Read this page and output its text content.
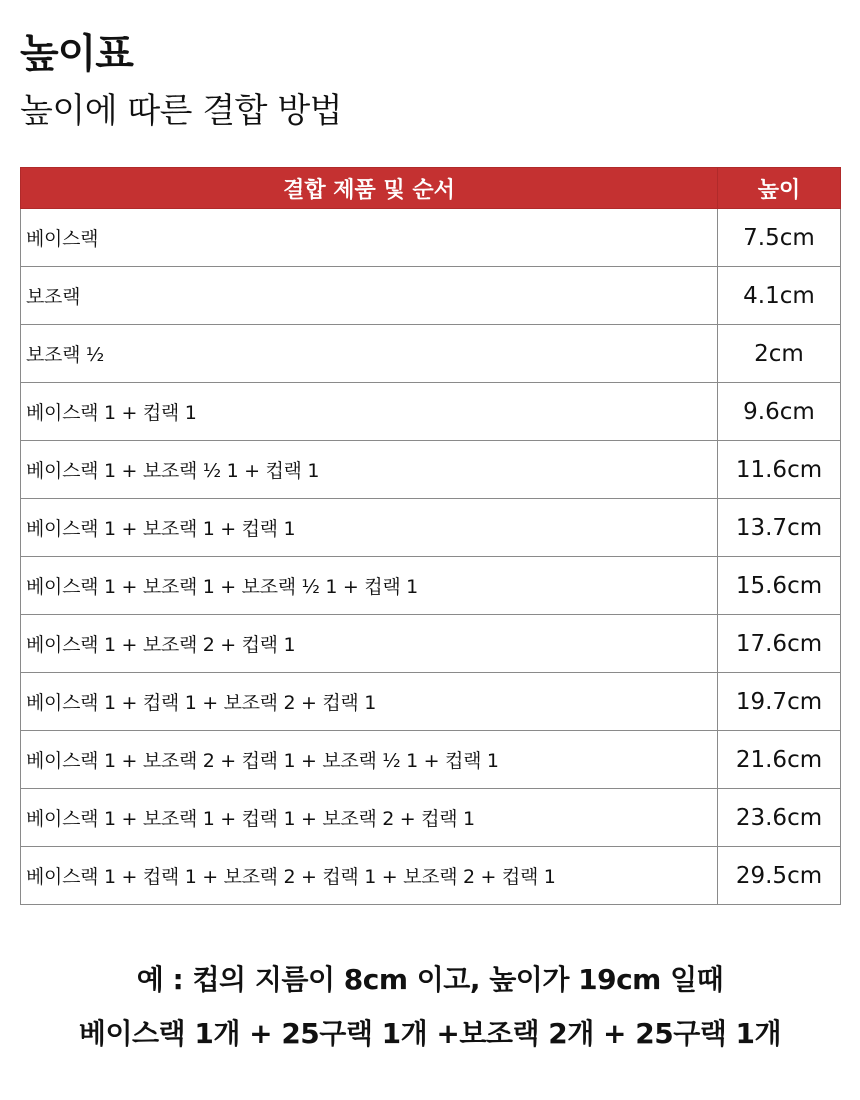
높이표
높이에 따른 결합 방법
결합 제품 및 순서	높이
베이스랙	7.5cm
보조랙	4.1cm
보조랙 ½	2cm
베이스랙 1 + 컵랙 1	9.6cm
베이스랙 1 + 보조랙 ½ 1 + 컵랙 1	11.6cm
베이스랙 1 + 보조랙 1 + 컵랙 1	13.7cm
베이스랙 1 + 보조랙 1 + 보조랙 ½ 1 + 컵랙 1	15.6cm
베이스랙 1 + 보조랙 2 + 컵랙 1	17.6cm
베이스랙 1 + 컵랙 1 + 보조랙 2 + 컵랙 1	19.7cm
베이스랙 1 + 보조랙 2 + 컵랙 1 + 보조랙 ½ 1 + 컵랙 1	21.6cm
베이스랙 1 + 보조랙 1 + 컵랙 1 + 보조랙 2 + 컵랙 1	23.6cm
베이스랙 1 + 컵랙 1 + 보조랙 2 + 컵랙 1 + 보조랙 2 + 컵랙 1	29.5cm
예 : 컵의 지름이 8cm 이고, 높이가 19cm 일때
베이스랙 1개 + 25구랙 1개 +보조랙 2개 + 25구랙 1개
